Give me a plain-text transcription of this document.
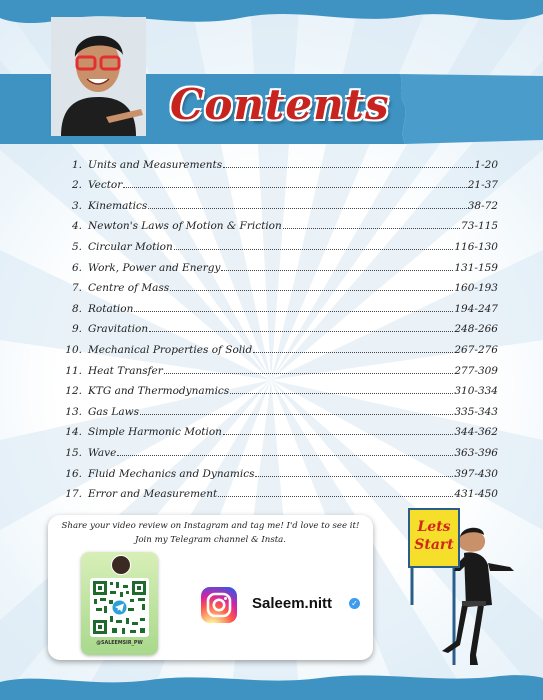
Contents
1. Units and Measurements	1-20
2. Vector	21-37
3. Kinematics	38-72
4. Newton's Laws of Motion & Friction	73-115
5. Circular Motion	116-130
6. Work, Power and Energy	131-159
7. Centre of Mass	160-193
8. Rotation	194-247
9. Gravitation	248-266
10. Mechanical Properties of Solid	267-276
11. Heat Transfer	277-309
12. KTG and Thermodynamics	310-334
13. Gas Laws	335-343
14. Simple Harmonic Motion	344-362
15. Wave	363-396
16. Fluid Mechanics and Dynamics	397-430
17. Error and Measurement	431-450
Share your video review on Instagram and tag me! I'd love to see it!
Join my Telegram channel & Insta.
@SALEEMSIR_PW
Saleem.nitt ✓
Lets
Start
